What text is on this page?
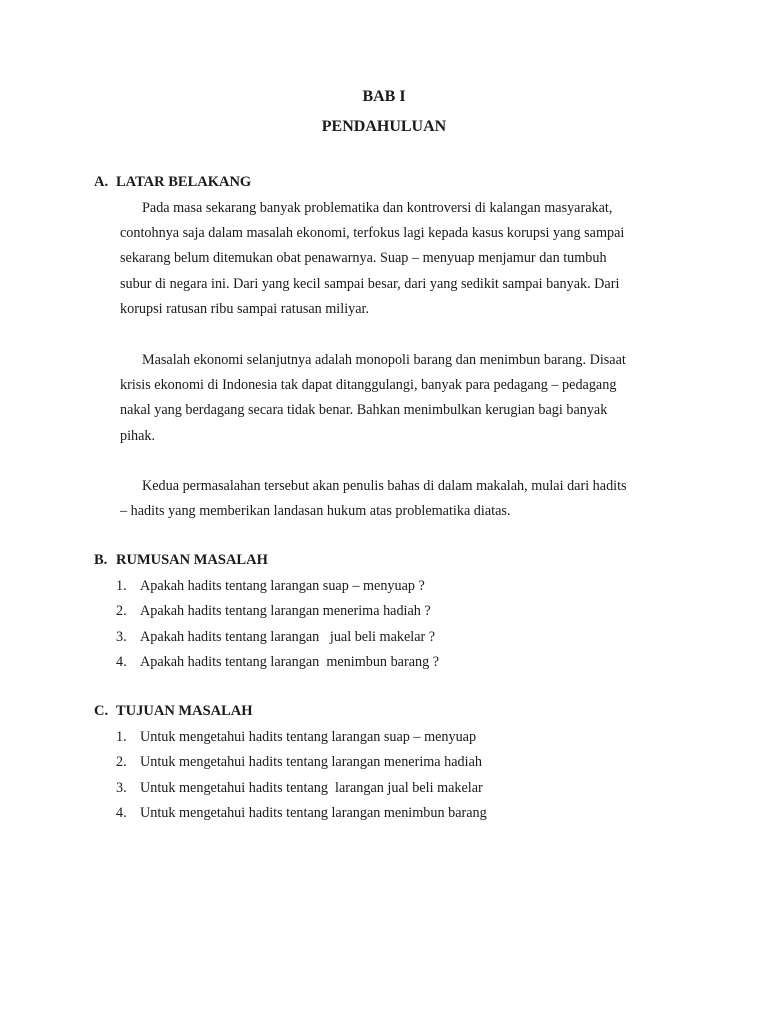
BAB I
PENDAHULUAN
A. LATAR BELAKANG

Pada masa sekarang banyak problematika dan kontroversi di kalangan masyarakat,
contohnya saja dalam masalah ekonomi, terfokus lagi kepada kasus korupsi yang sampai
sekarang belum ditemukan obat penawarnya. Suap – menyuap menjamur dan tumbuh
subur di negara ini. Dari yang kecil sampai besar, dari yang sedikit sampai banyak. Dari
korupsi ratusan ribu sampai ratusan miliyar.

Masalah ekonomi selanjutnya adalah monopoli barang dan menimbun barang. Disaat
krisis ekonomi di Indonesia tak dapat ditanggulangi, banyak para pedagang – pedagang
nakal yang berdagang secara tidak benar. Bahkan menimbulkan kerugian bagi banyak
pihak.

Kedua permasalahan tersebut akan penulis bahas di dalam makalah, mulai dari hadits
– hadits yang memberikan landasan hukum atas problematika diatas.

B. RUMUSAN MASALAH
1. Apakah hadits tentang larangan suap – menyuap ?
2. Apakah hadits tentang larangan menerima hadiah ?
3. Apakah hadits tentang larangan   jual beli makelar ?
4. Apakah hadits tentang larangan  menimbun barang ?
C. TUJUAN MASALAH
1. Untuk mengetahui hadits tentang larangan suap – menyuap
2. Untuk mengetahui hadits tentang larangan menerima hadiah
3. Untuk mengetahui hadits tentang  larangan jual beli makelar
4. Untuk mengetahui hadits tentang larangan menimbun barang
